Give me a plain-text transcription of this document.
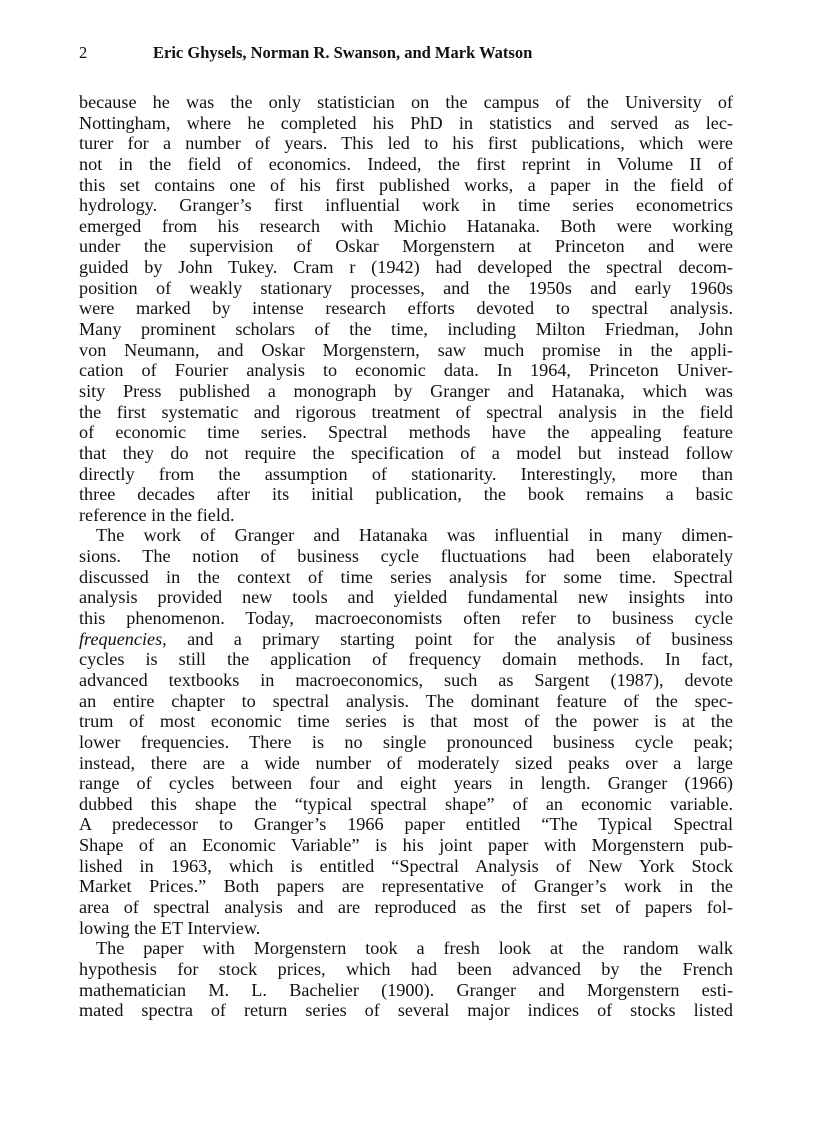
2	Eric Ghysels, Norman R. Swanson, and Mark Watson
because he was the only statistician on the campus of the University of
Nottingham, where he completed his PhD in statistics and served as lec-
turer for a number of years. This led to his first publications, which were
not in the field of economics. Indeed, the first reprint in Volume II of
this set contains one of his first published works, a paper in the field of
hydrology. Granger’s first influential work in time series econometrics
emerged from his research with Michio Hatanaka. Both were working
under the supervision of Oskar Morgenstern at Princeton and were
guided by John Tukey. Cram r (1942) had developed the spectral decom-
position of weakly stationary processes, and the 1950s and early 1960s
were marked by intense research efforts devoted to spectral analysis.
Many prominent scholars of the time, including Milton Friedman, John
von Neumann, and Oskar Morgenstern, saw much promise in the appli-
cation of Fourier analysis to economic data. In 1964, Princeton Univer-
sity Press published a monograph by Granger and Hatanaka, which was
the first systematic and rigorous treatment of spectral analysis in the field
of economic time series. Spectral methods have the appealing feature
that they do not require the specification of a model but instead follow
directly from the assumption of stationarity. Interestingly, more than
three decades after its initial publication, the book remains a basic
reference in the field.
The work of Granger and Hatanaka was influential in many dimen-
sions. The notion of business cycle fluctuations had been elaborately
discussed in the context of time series analysis for some time. Spectral
analysis provided new tools and yielded fundamental new insights into
this phenomenon. Today, macroeconomists often refer to business cycle
frequencies, and a primary starting point for the analysis of business
cycles is still the application of frequency domain methods. In fact,
advanced textbooks in macroeconomics, such as Sargent (1987), devote
an entire chapter to spectral analysis. The dominant feature of the spec-
trum of most economic time series is that most of the power is at the
lower frequencies. There is no single pronounced business cycle peak;
instead, there are a wide number of moderately sized peaks over a large
range of cycles between four and eight years in length. Granger (1966)
dubbed this shape the “typical spectral shape” of an economic variable.
A predecessor to Granger’s 1966 paper entitled “The Typical Spectral
Shape of an Economic Variable” is his joint paper with Morgenstern pub-
lished in 1963, which is entitled “Spectral Analysis of New York Stock
Market Prices.” Both papers are representative of Granger’s work in the
area of spectral analysis and are reproduced as the first set of papers fol-
lowing the ET Interview.
The paper with Morgenstern took a fresh look at the random walk
hypothesis for stock prices, which had been advanced by the French
mathematician M. L. Bachelier (1900). Granger and Morgenstern esti-
mated spectra of return series of several major indices of stocks listed
